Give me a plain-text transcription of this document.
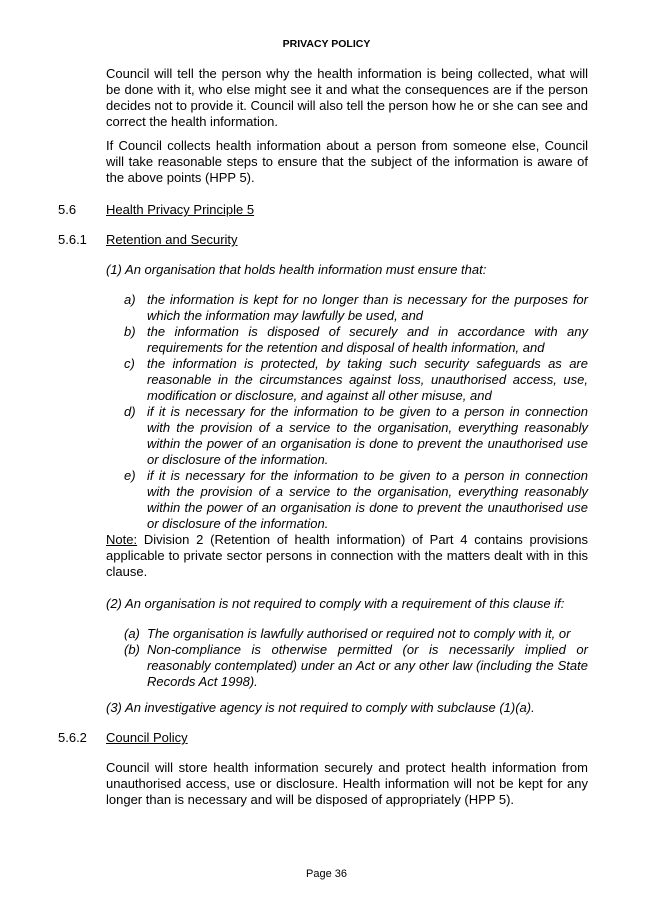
PRIVACY POLICY
Council will tell the person why the health information is being collected, what will be done with it, who else might see it and what the consequences are if the person decides not to provide it. Council will also tell the person how he or she can see and correct the health information.
If Council collects health information about a person from someone else, Council will take reasonable steps to ensure that the subject of the information is aware of the above points (HPP 5).
5.6 Health Privacy Principle 5
5.6.1 Retention and Security
(1) An organisation that holds health information must ensure that:
a) the information is kept for no longer than is necessary for the purposes for which the information may lawfully be used, and
b) the information is disposed of securely and in accordance with any requirements for the retention and disposal of health information, and
c) the information is protected, by taking such security safeguards as are reasonable in the circumstances against loss, unauthorised access, use, modification or disclosure, and against all other misuse, and
d) if it is necessary for the information to be given to a person in connection with the provision of a service to the organisation, everything reasonably within the power of an organisation is done to prevent the unauthorised use or disclosure of the information.
e) if it is necessary for the information to be given to a person in connection with the provision of a service to the organisation, everything reasonably within the power of an organisation is done to prevent the unauthorised use or disclosure of the information.
Note: Division 2 (Retention of health information) of Part 4 contains provisions applicable to private sector persons in connection with the matters dealt with in this clause.
(2) An organisation is not required to comply with a requirement of this clause if:
(a) The organisation is lawfully authorised or required not to comply with it, or
(b) Non-compliance is otherwise permitted (or is necessarily implied or reasonably contemplated) under an Act or any other law (including the State Records Act 1998).
(3) An investigative agency is not required to comply with subclause (1)(a).
5.6.2 Council Policy
Council will store health information securely and protect health information from unauthorised access, use or disclosure. Health information will not be kept for any longer than is necessary and will be disposed of appropriately (HPP 5).
Page 36
